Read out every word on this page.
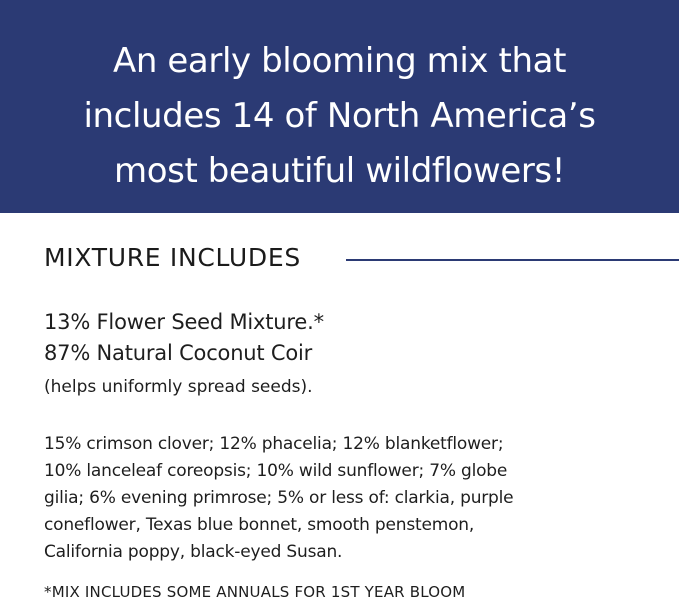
An early blooming mix that
includes 14 of North America’s
most beautiful wildflowers!
MIXTURE INCLUDES

13% Flower Seed Mixture.*
87% Natural Coconut Coir

(helps uniformly spread seeds).

15% crimson clover; 12% phacelia; 12% blanketflower;
10% lanceleaf coreopsis; 10% wild sunflower; 7% globe
gilia; 6% evening primrose; 5% or less of: clarkia, purple
coneflower, Texas blue bonnet, smooth penstemon,
California poppy, black-eyed Susan.

*MIX INCLUDES SOME ANNUALS FOR 1ST YEAR BLOOM
